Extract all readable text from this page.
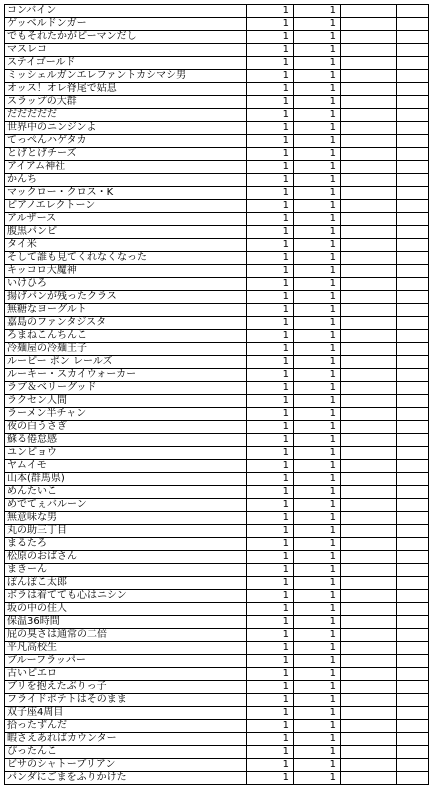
コンバイン	1	1		
ゲッベルドンガー	1	1		
でもそれたかがピーマンだし	1	1		
マスレコ	1	1		
ステイゴールド	1	1		
ミッシェルガンエレファントカシマシ男	1	1		
オッス！オレ脊尾で姑息	1	1		
スラップの大群	1	1		
だだだだだ	1	1		
世界中のニンジンよ	1	1		
てっぺんハゲタカ	1	1		
とげとげチーズ	1	1		
アイアム神社	1	1		
かんち	1	1		
マックロー・クロス・K	1	1		
ピアノエレクトーン	1	1		
アルザース	1	1		
腹黒パンピ	1	1		
タイ米	1	1		
そして誰も見てくれなくなった	1	1		
キッコロ大魔神	1	1		
いけひろ	1	1		
揚げパンが残ったクラス	1	1		
無糖なヨーグルト	1	1		
嘉島のファンタジスタ	1	1		
ろまねこんちんこ	1	1		
冷麺屋の冷麺王子	1	1		
ルーピー ポン レールズ	1	1		
ルーキー・スカイウォーカー	1	1		
ラブ＆ベリーグッド	1	1		
ラクセン人間	1	1		
ラーメン半チャン	1	1		
夜の白うさぎ	1	1		
蘇る倦怠感	1	1		
ユンピョウ	1	1		
ヤムイモ	1	1		
山本(群馬県)	1	1		
めんたいこ	1	1		
めでてぇバルーン	1	1		
無意味な男	1	1		
丸の助三丁目	1	1		
まるたろ	1	1		
松原のおばさん	1	1		
まきーん	1	1		
ぽんぽこ太郎	1	1		
ボラは着てても心はニシン	1	1		
坂の中の住人	1	1		
保温36時間	1	1		
屁の臭さは通常の二倍	1	1		
平凡高校生	1	1		
ブルーフラッパー	1	1		
古いピエロ	1	1		
ブリを抱えたぶりっ子	1	1		
フライドポテトはそのまま	1	1		
双子座4周目	1	1		
拾ったずんだ	1	1		
暇さえあればカウンター	1	1		
ぴったんこ	1	1		
ビサのシャトーブリアン	1	1		
パンダにごまをふりかけた	1	1		
